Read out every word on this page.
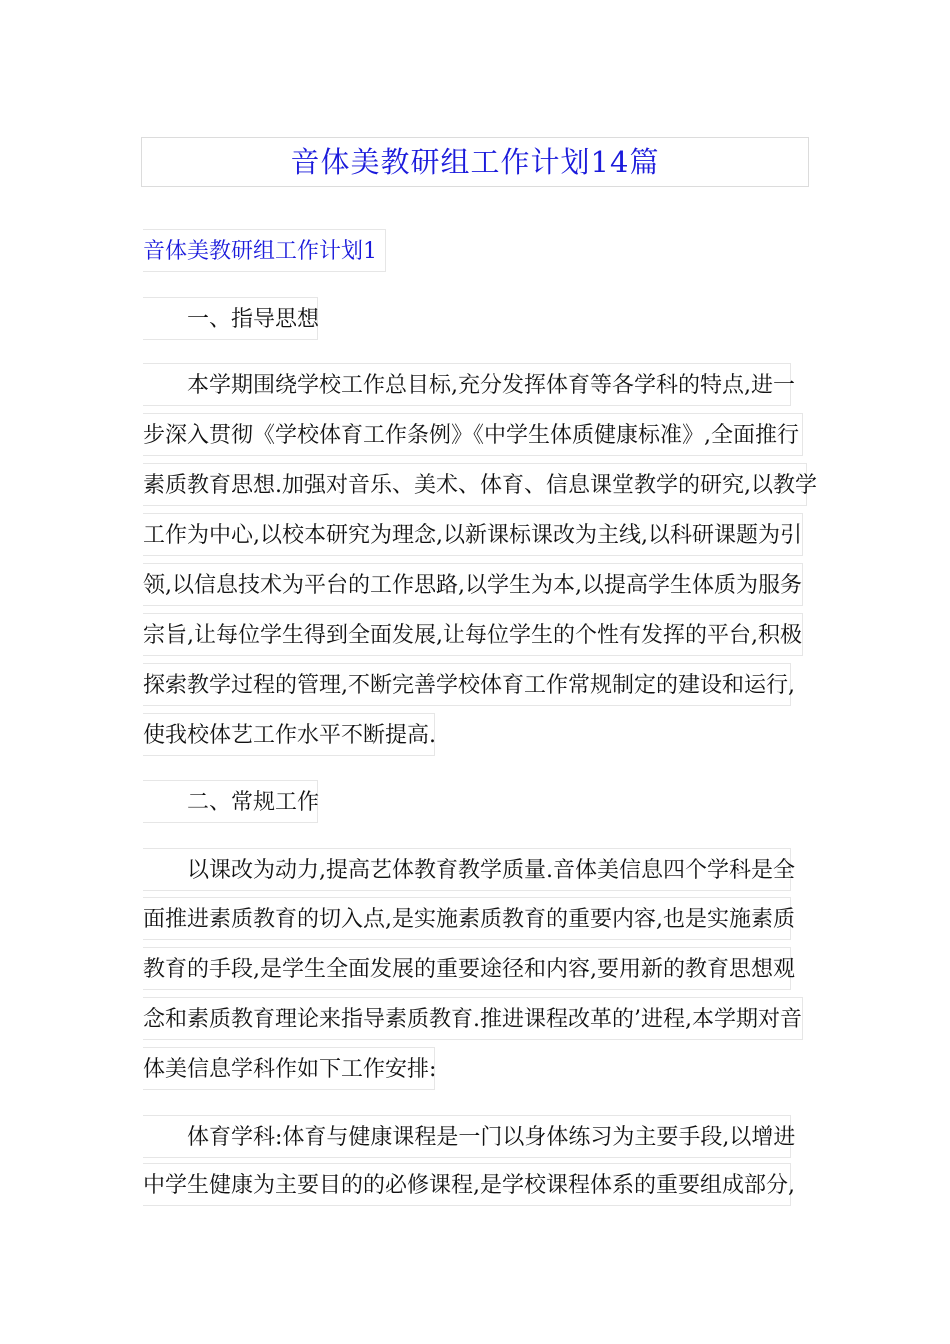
音体美教研组工作计划14篇
音体美教研组工作计划1
一、指导思想
本学期围绕学校工作总目标,充分发挥体育等各学科的特点,进一
步深入贯彻《学校体育工作条例》《中学生体质健康标准》,全面推行
素质教育思想.加强对音乐、美术、体育、信息课堂教学的研究,以教学
工作为中心,以校本研究为理念,以新课标课改为主线,以科研课题为引
领,以信息技术为平台的工作思路,以学生为本,以提高学生体质为服务
宗旨,让每位学生得到全面发展,让每位学生的个性有发挥的平台,积极
探索教学过程的管理,不断完善学校体育工作常规制定的建设和运行,
使我校体艺工作水平不断提高.
二、常规工作
以课改为动力,提高艺体教育教学质量.音体美信息四个学科是全
面推进素质教育的切入点,是实施素质教育的重要内容,也是实施素质
教育的手段,是学生全面发展的重要途径和内容,要用新的教育思想观
念和素质教育理论来指导素质教育.推进课程改革的’进程,本学期对音
体美信息学科作如下工作安排:
体育学科:体育与健康课程是一门以身体练习为主要手段,以增进
中学生健康为主要目的的必修课程,是学校课程体系的重要组成部分,
